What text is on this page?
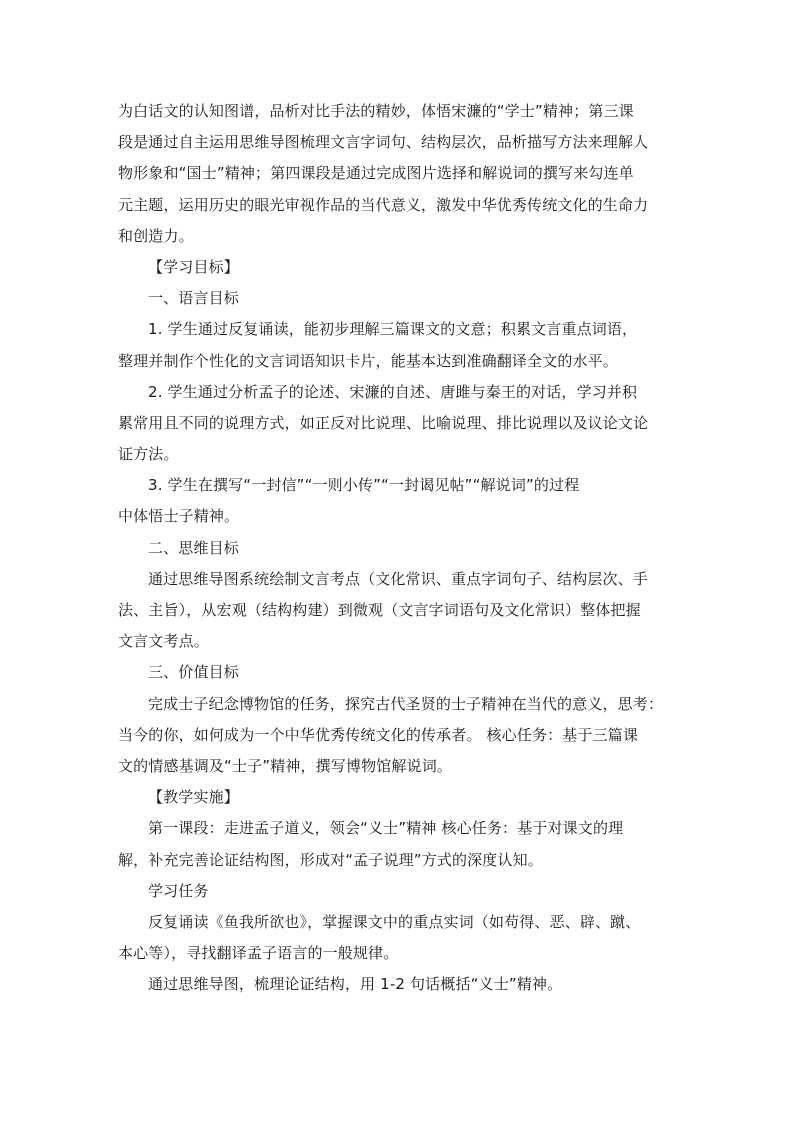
为白话文的认知图谱，品析对比手法的精妙，体悟宋濂的“学士”精神；第三课
段是通过自主运用思维导图梳理文言字词句、结构层次，品析描写方法来理解人
物形象和“国士”精神；第四课段是通过完成图片选择和解说词的撰写来勾连单
元主题，运用历史的眼光审视作品的当代意义，激发中华优秀传统文化的生命力
和创造力。
【学习目标】
一、语言目标
1. 学生通过反复诵读，能初步理解三篇课文的文意；积累文言重点词语，
整理并制作个性化的文言词语知识卡片，能基本达到准确翻译全文的水平。
2. 学生通过分析孟子的论述、宋濂的自述、唐雎与秦王的对话，学习并积
累常用且不同的说理方式，如正反对比说理、比喻说理、排比说理以及议论文论
证方法。
3. 学生在撰写“一封信”“一则小传”“一封谒见帖”“解说词”的过程
中体悟士子精神。
二、思维目标
通过思维导图系统绘制文言考点（文化常识、重点字词句子、结构层次、手
法、主旨），从宏观（结构构建）到微观（文言字词语句及文化常识）整体把握
文言文考点。
三、价值目标
完成士子纪念博物馆的任务，探究古代圣贤的士子精神在当代的意义，思考：
当今的你，如何成为一个中华优秀传统文化的传承者。 核心任务：基于三篇课
文的情感基调及“士子”精神，撰写博物馆解说词。
【教学实施】
第一课段：走进孟子道义，领会“义士”精神 核心任务：基于对课文的理
解，补充完善论证结构图，形成对“孟子说理”方式的深度认知。
学习任务
反复诵读《鱼我所欲也》，掌握课文中的重点实词（如苟得、恶、辟、蹴、
本心等），寻找翻译孟子语言的一般规律。
通过思维导图，梳理论证结构，用 1-2 句话概括“义士”精神。
